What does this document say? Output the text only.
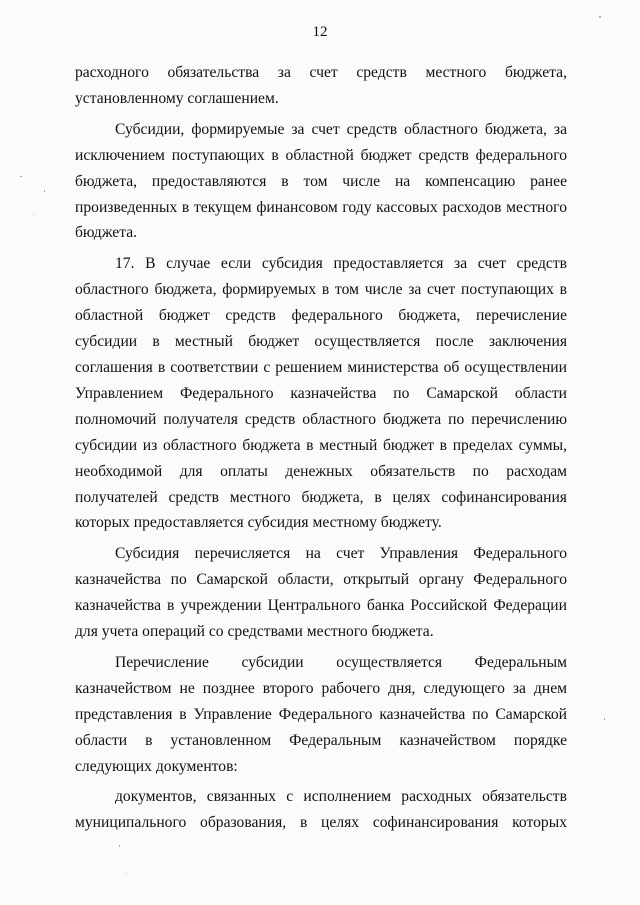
12

расходного обязательства за счет средств местного бюджета, установленному соглашением.

Субсидии, формируемые за счет средств областного бюджета, за исключением поступающих в областной бюджет средств федерального бюджета, предоставляются в том числе на компенсацию ранее произведенных в текущем финансовом году кассовых расходов местного бюджета.

17. В случае если субсидия предоставляется за счет средств областного бюджета, формируемых в том числе за счет поступающих в областной бюджет средств федерального бюджета, перечисление субсидии в местный бюджет осуществляется после заключения соглашения в соответствии с решением министерства об осуществлении Управлением Федерального казначейства по Самарской области полномочий получателя средств областного бюджета по перечислению субсидии из областного бюджета в местный бюджет в пределах суммы, необходимой для оплаты денежных обязательств по расходам получателей средств местного бюджета, в целях софинансирования которых предоставляется субсидия местному бюджету.

Субсидия перечисляется на счет Управления Федерального казначейства по Самарской области, открытый органу Федерального казначейства в учреждении Центрального банка Российской Федерации для учета операций со средствами местного бюджета.

Перечисление субсидии осуществляется Федеральным казначейством не позднее второго рабочего дня, следующего за днем представления в Управление Федерального казначейства по Самарской области в установленном Федеральным казначейством порядке следующих документов:

документов, связанных с исполнением расходных обязательств муниципального образования, в целях софинансирования которых
